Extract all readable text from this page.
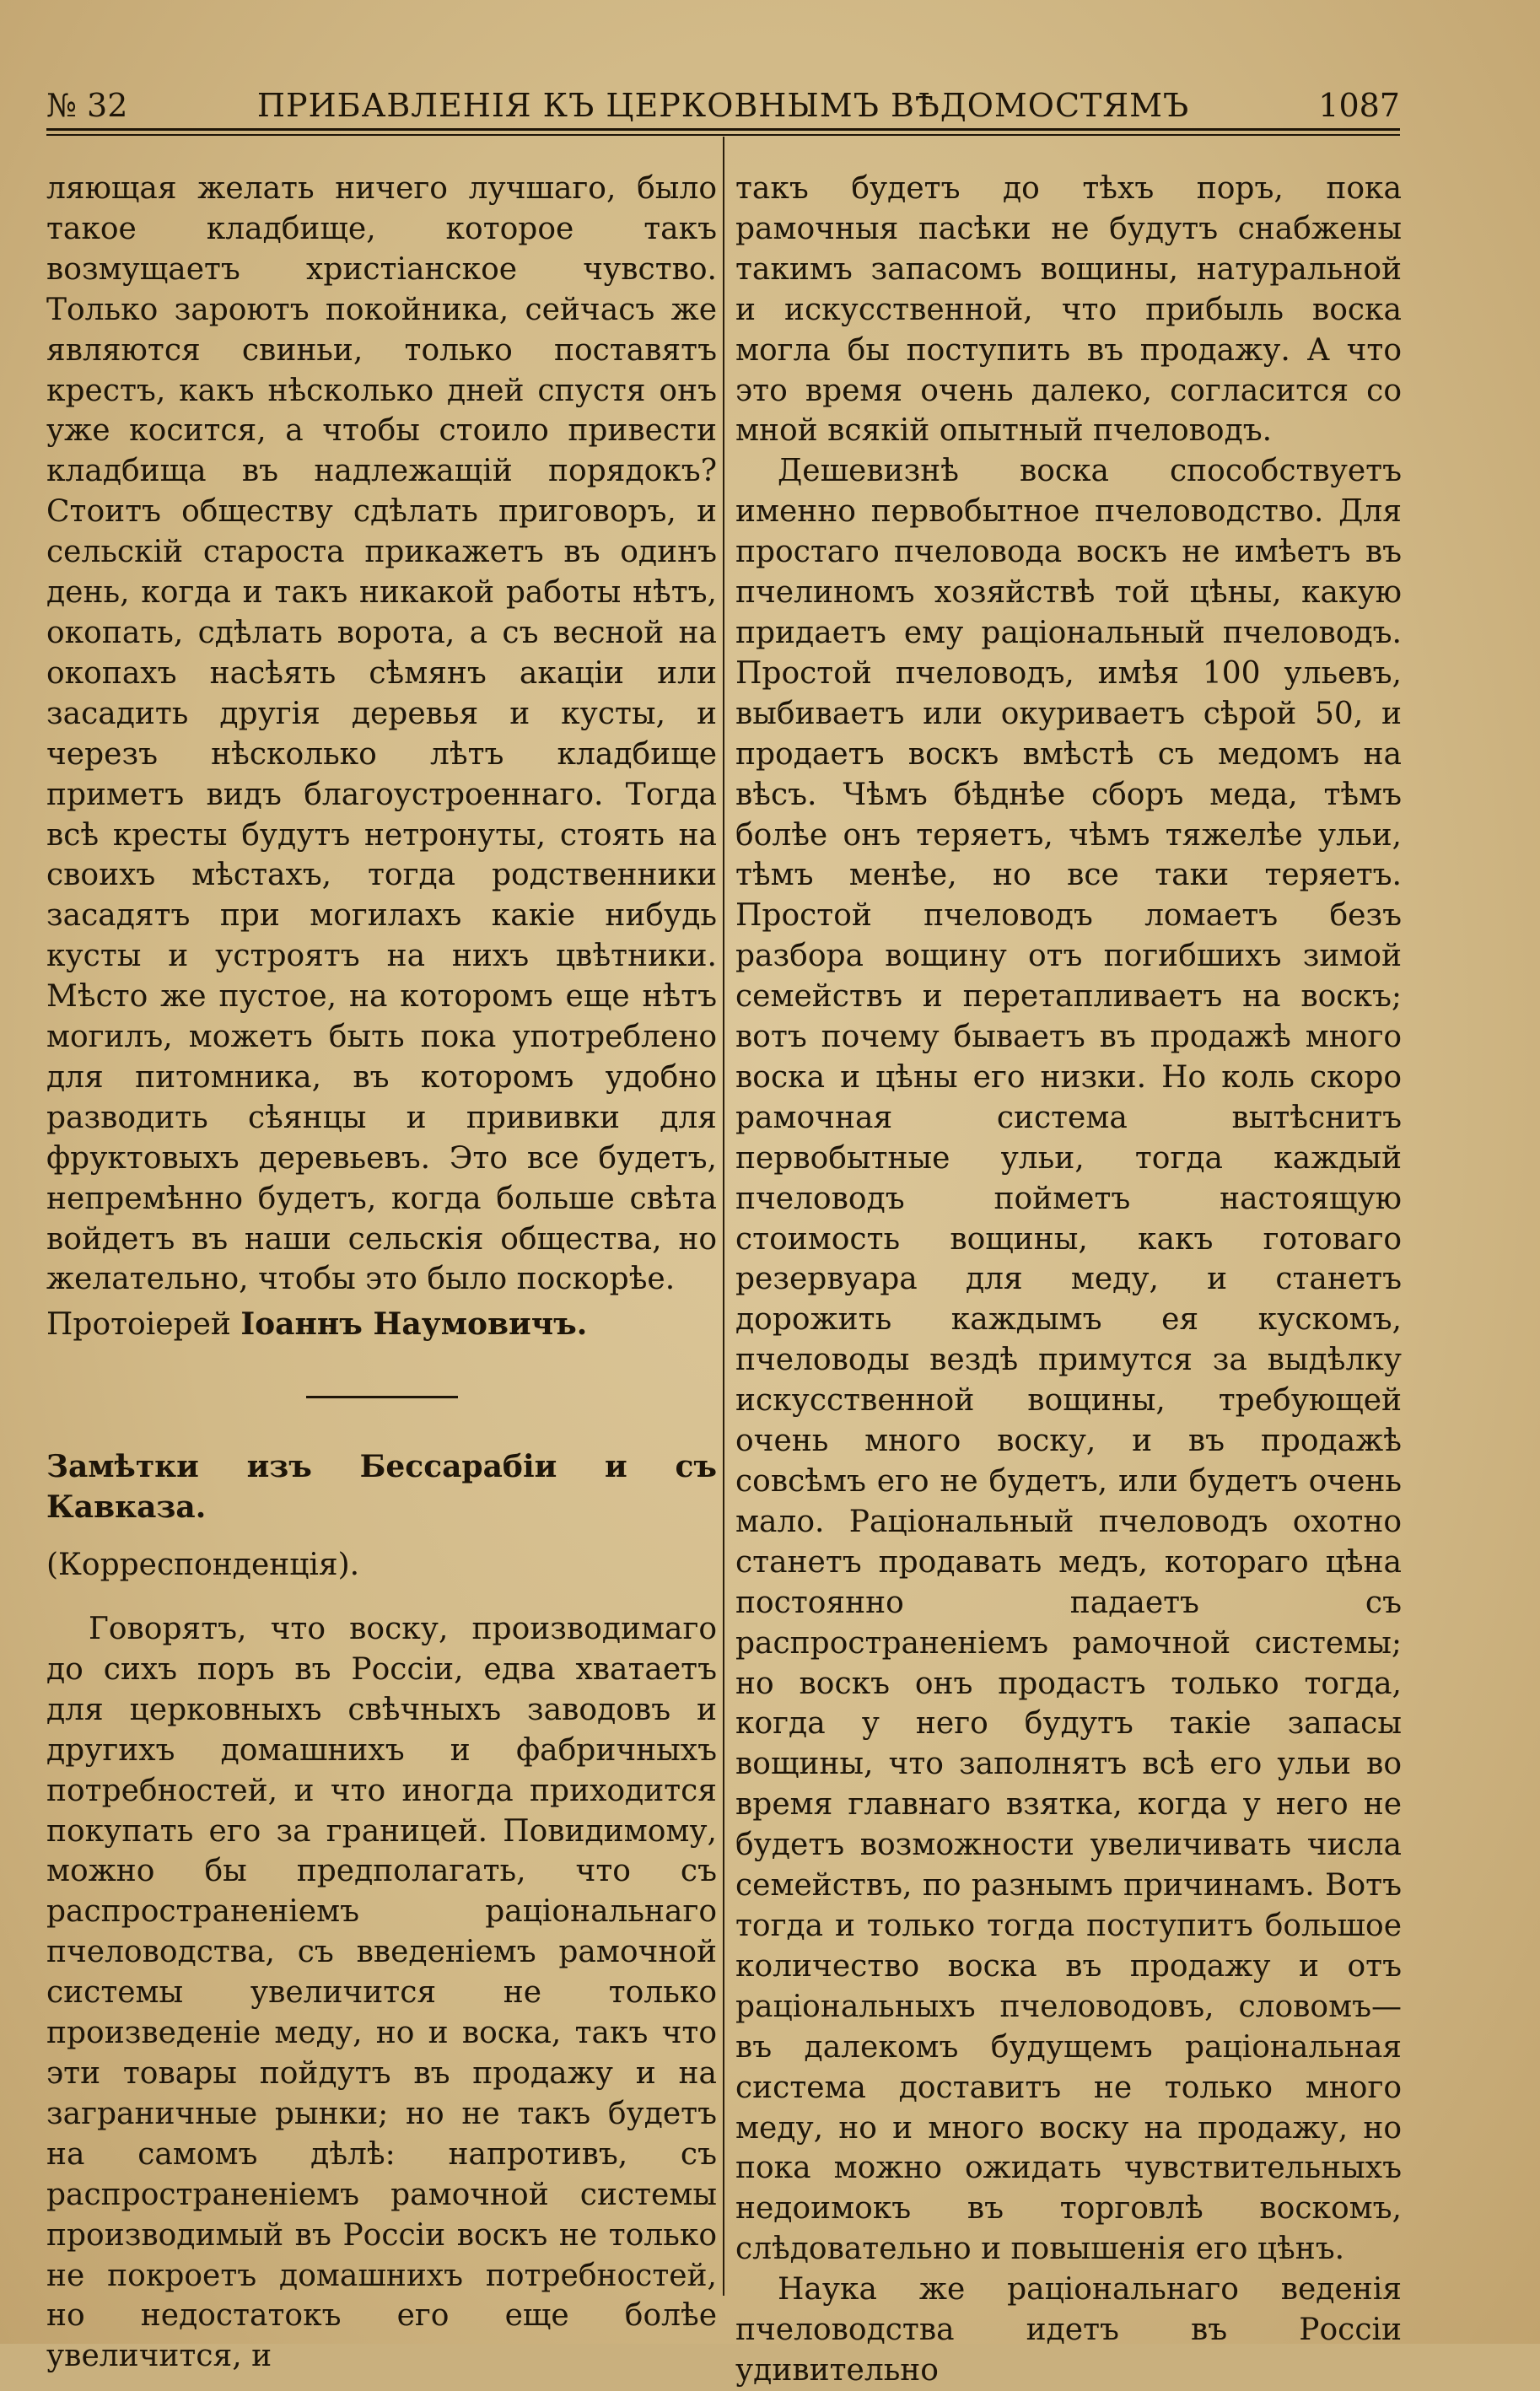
№ 32	ПРИБАВЛЕНІЯ КЪ ЦЕРКОВНЫМЪ ВѢДОМОСТЯМЪ	1087

ляющая желать ничего лучшаго, было такое кладбище, которое такъ возмущаетъ христіанское чувство. Только зароютъ покойника, сейчасъ же являются свиньи, только поставятъ крестъ, какъ нѣсколько дней спустя онъ уже косится, а чтобы стоило привести кладбища въ надлежащій порядокъ? Стоитъ обществу сдѣлать приговоръ, и сельскій староста прикажетъ въ одинъ день, когда и такъ никакой работы нѣтъ, окопать, сдѣлать ворота, а съ весной на окопахъ насѣять сѣмянъ акаціи или засадить другія деревья и кусты, и черезъ нѣсколько лѣтъ кладбище приметъ видъ благоустроеннаго. Тогда всѣ кресты будутъ нетронуты, стоять на своихъ мѣстахъ, тогда родственники засадятъ при могилахъ какіе нибудь кусты и устроятъ на нихъ цвѣтники. Мѣсто же пустое, на которомъ еще нѣтъ могилъ, можетъ быть пока употреблено для питомника, въ которомъ удобно разводить сѣянцы и прививки для фруктовыхъ деревьевъ. Это все будетъ, непремѣнно будетъ, когда больше свѣта войдетъ въ наши сельскія общества, но желательно, чтобы это было поскорѣе.

Протоіерей Іоаннъ Наумовичъ.

Замѣтки изъ Бессарабіи и съ Кавказа.

(Корреспонденція).

Говорятъ, что воску, производимаго до сихъ поръ въ Россіи, едва хватаетъ для церковныхъ свѣчныхъ заводовъ и другихъ домашнихъ и фабричныхъ потребностей, и что иногда приходится покупать его за границей. Повидимому, можно бы предполагать, что съ распространеніемъ раціональнаго пчеловодства, съ введеніемъ рамочной системы увеличится не только произведеніе меду, но и воска, такъ что эти товары пойдутъ въ продажу и на заграничные рынки; но не такъ будетъ на самомъ дѣлѣ: напротивъ, съ распространеніемъ рамочной системы производимый въ Россіи воскъ не только не покроетъ домашнихъ потребностей, но недостатокъ его еще болѣе увеличится, и

такъ будетъ до тѣхъ поръ, пока рамочныя пасѣки не будутъ снабжены такимъ запасомъ вощины, натуральной и искусственной, что прибыль воска могла бы поступить въ продажу. А что это время очень далеко, согласится со мной всякій опытный пчеловодъ.

Дешевизнѣ воска способствуетъ именно первобытное пчеловодство. Для простаго пчеловода воскъ не имѣетъ въ пчелиномъ хозяйствѣ той цѣны, какую придаетъ ему раціональный пчеловодъ. Простой пчеловодъ, имѣя 100 ульевъ, выбиваетъ или окуриваетъ сѣрой 50, и продаетъ воскъ вмѣстѣ съ медомъ на вѣсъ. Чѣмъ бѣднѣе сборъ меда, тѣмъ болѣе онъ теряетъ, чѣмъ тяжелѣе ульи, тѣмъ менѣе, но все таки теряетъ. Простой пчеловодъ ломаетъ безъ разбора вощину отъ погибшихъ зимой семействъ и перетапливаетъ на воскъ; вотъ почему бываетъ въ продажѣ много воска и цѣны его низки. Но коль скоро рамочная система вытѣснитъ первобытные ульи, тогда каждый пчеловодъ пойметъ настоящую стоимость вощины, какъ готоваго резервуара для меду, и станетъ дорожить каждымъ ея кускомъ, пчеловоды вездѣ примутся за выдѣлку искусственной вощины, требующей очень много воску, и въ продажѣ совсѣмъ его не будетъ, или будетъ очень мало. Раціональный пчеловодъ охотно станетъ продавать медъ, котораго цѣна постоянно падаетъ съ распространеніемъ рамочной системы; но воскъ онъ продастъ только тогда, когда у него будутъ такіе запасы вощины, что заполнятъ всѣ его ульи во время главнаго взятка, когда у него не будетъ возможности увеличивать числа семействъ, по разнымъ причинамъ. Вотъ тогда и только тогда поступитъ большое количество воска въ продажу и отъ раціональныхъ пчеловодовъ, словомъ—въ далекомъ будущемъ раціональная система доставитъ не только много меду, но и много воску на продажу, но пока можно ожидать чувствительныхъ недоимокъ въ торговлѣ воскомъ, слѣдовательно и повышенія его цѣнъ.

Наука же раціональнаго веденія пчеловодства идетъ въ Россіи удивительно
